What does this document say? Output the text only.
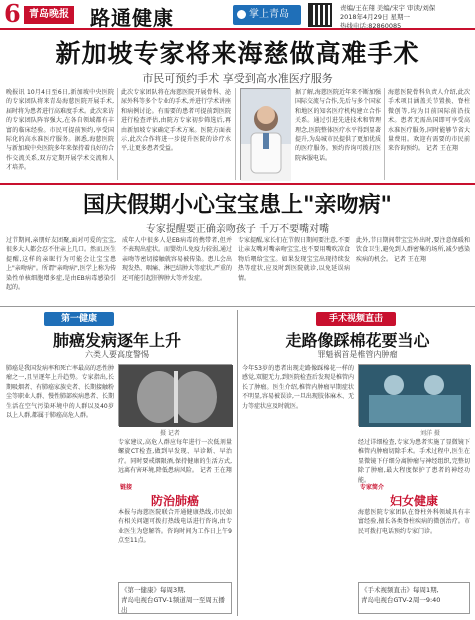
6 青岛晚报 路通健康	掌上青岛
责编/王在翔 美编/宋宇 审读/刘保
2018年4月29日 星期一
热线电话:82860085
新加坡专家将来海慈做高难手术
市民可预约手术 享受到高水准医疗服务
晚报讯 10月4日至6日,新加坡中央医院的专家团队将来青岛海慈医院开展手术,届时将为患者进行高难度手术。此次来访的专家团队阵容强大,在各自领域都有丰富的临床经验。市民可提前预约,享受国际化的高水准医疗服务。据悉,海慈医院与新加坡中央医院多年来保持着良好的合作交流关系,双方定期开展学术交流和人才培养。
此次专家团队将在海慈医院开展骨科、泌尿外科等多个专业的手术,并进行学术讲座和病例讨论。有需要的患者可提前到医院进行检查评估,由院方专家初步筛选后,再由新加坡专家确定手术方案。医院方面表示,此次合作将进一步提升医院的诊疗水平,让更多患者受益。
据了解,海慈医院近年来不断加强国际交流与合作,先后与多个国家和地区的知名医疗机构建立合作关系。通过引进先进技术和管理理念,医院整体医疗水平得到显著提升,为岛城市民提供了更加优质的医疗服务。预约咨询可拨打医院客服电话。
海慈医院骨科负责人介绍,此次手术项目涵盖关节置换、脊柱微创等,均为目前国际前沿技术。患者无需出国即可享受高水准医疗服务,同时能够节省大量费用。欢迎有需要的市民前来咨询预约。 记者 王在翔
国庆假期小心宝宝患上"亲吻病"
专家提醒要正确亲吻孩子 千万不要嘴对嘴
过节期间,亲朋好友团聚,面对可爱的宝宝,很多大人都会忍不住亲上几口。然而,医生提醒,这样的亲昵行为可能会让宝宝患上"亲吻病"。所谓"亲吻病",医学上称为传染性单核细胞增多症,是由EB病毒感染引起的。
成年人中很多人是EB病毒的携带者,但并不表现出症状。而婴幼儿免疫力较弱,通过亲吻等密切接触就容易被传染。患儿会出现发热、咽痛、淋巴结肿大等症状,严重的还可能引起肝脾肿大等并发症。
专家提醒,家长们在节假日期间要注意,不要让亲友嘴对嘴亲吻宝宝,也不要用嘴吹凉食物后喂给宝宝。如果发现宝宝出现持续发热等症状,应及时到医院就诊,以免延误病情。
此外,节日期间带宝宝外出时,要注意保暖和饮食卫生,避免到人群密集的场所,减少感染疾病的机会。 记者 王在翔
第一健康
肺癌发病逐年上升
六类人要高度警惕
肺癌是我国发病率和死亡率最高的恶性肿瘤之一,且呈逐年上升趋势。专家指出,长期吸烟者、有肺癌家族史者、长期接触粉尘等职业人群、慢性肺部疾病患者、长期生活在空气污染环境中的人群以及40岁以上人群,都属于肺癌高危人群。
摄 记者
专家建议,高危人群应每年进行一次低剂量螺旋CT检查,做到早发现、早诊断、早治疗。同时要戒烟限酒,保持健康的生活方式,远离有害环境,降低患病风险。 记者 王在翔
链接
防治肺癌
本报与海慈医院联合开通健康热线,市民如有相关问题可拨打热线电话进行咨询,由专业医生为您解答。咨询时间为工作日上午9点至11点。
《第一健康》每周3期,
青岛电视台GTV-1频道周一至周五播出
手术视频直击
走路像踩棉花要当心
罪魁祸首是椎管内肿瘤
今年53岁的患者出现走路像踩棉花一样的感觉,双腿无力,到医院检查后发现是椎管内长了肿瘤。医生介绍,椎管内肿瘤早期症状不明显,容易被误诊,一旦出现肢体麻木、无力等症状应及时就医。
刘洋 摄
经过详细检查,专家为患者实施了显微镜下椎管内肿瘤切除手术。手术过程中,医生在显微镜下仔细分离肿瘤与神经组织,完整切除了肿瘤,最大程度保护了患者的神经功能。
专家简介
妇女健康
海慈医院专家团队在脊柱外科领域具有丰富经验,擅长各类脊柱疾病的微创治疗。市民可拨打电话预约专家门诊。
《手术视频直击》每周1期,
青岛电视台GTV-2周一9:40
